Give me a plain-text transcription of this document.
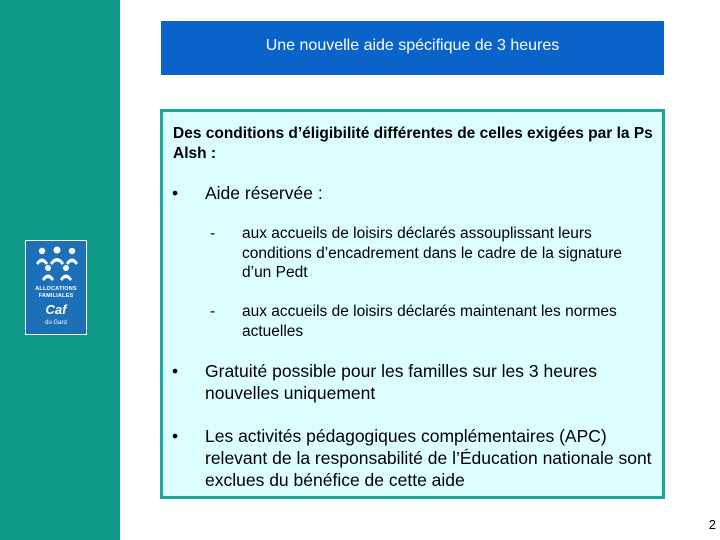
ALLOCATIONS
FAMILIALES
Caf
du Gard
Une nouvelle aide spécifique de 3 heures
Des conditions d’éligibilité différentes de celles exigées par la Ps Alsh :
• Aide réservée :
- aux accueils de loisirs déclarés assouplissant leurs conditions d’encadrement dans le cadre de la signature d’un Pedt
- aux accueils de loisirs déclarés maintenant les normes actuelles
• Gratuité possible pour les familles sur les 3 heures nouvelles uniquement
• Les activités pédagogiques complémentaires (APC) relevant de la responsabilité de l’Éducation nationale sont exclues du bénéfice de cette aide
2
